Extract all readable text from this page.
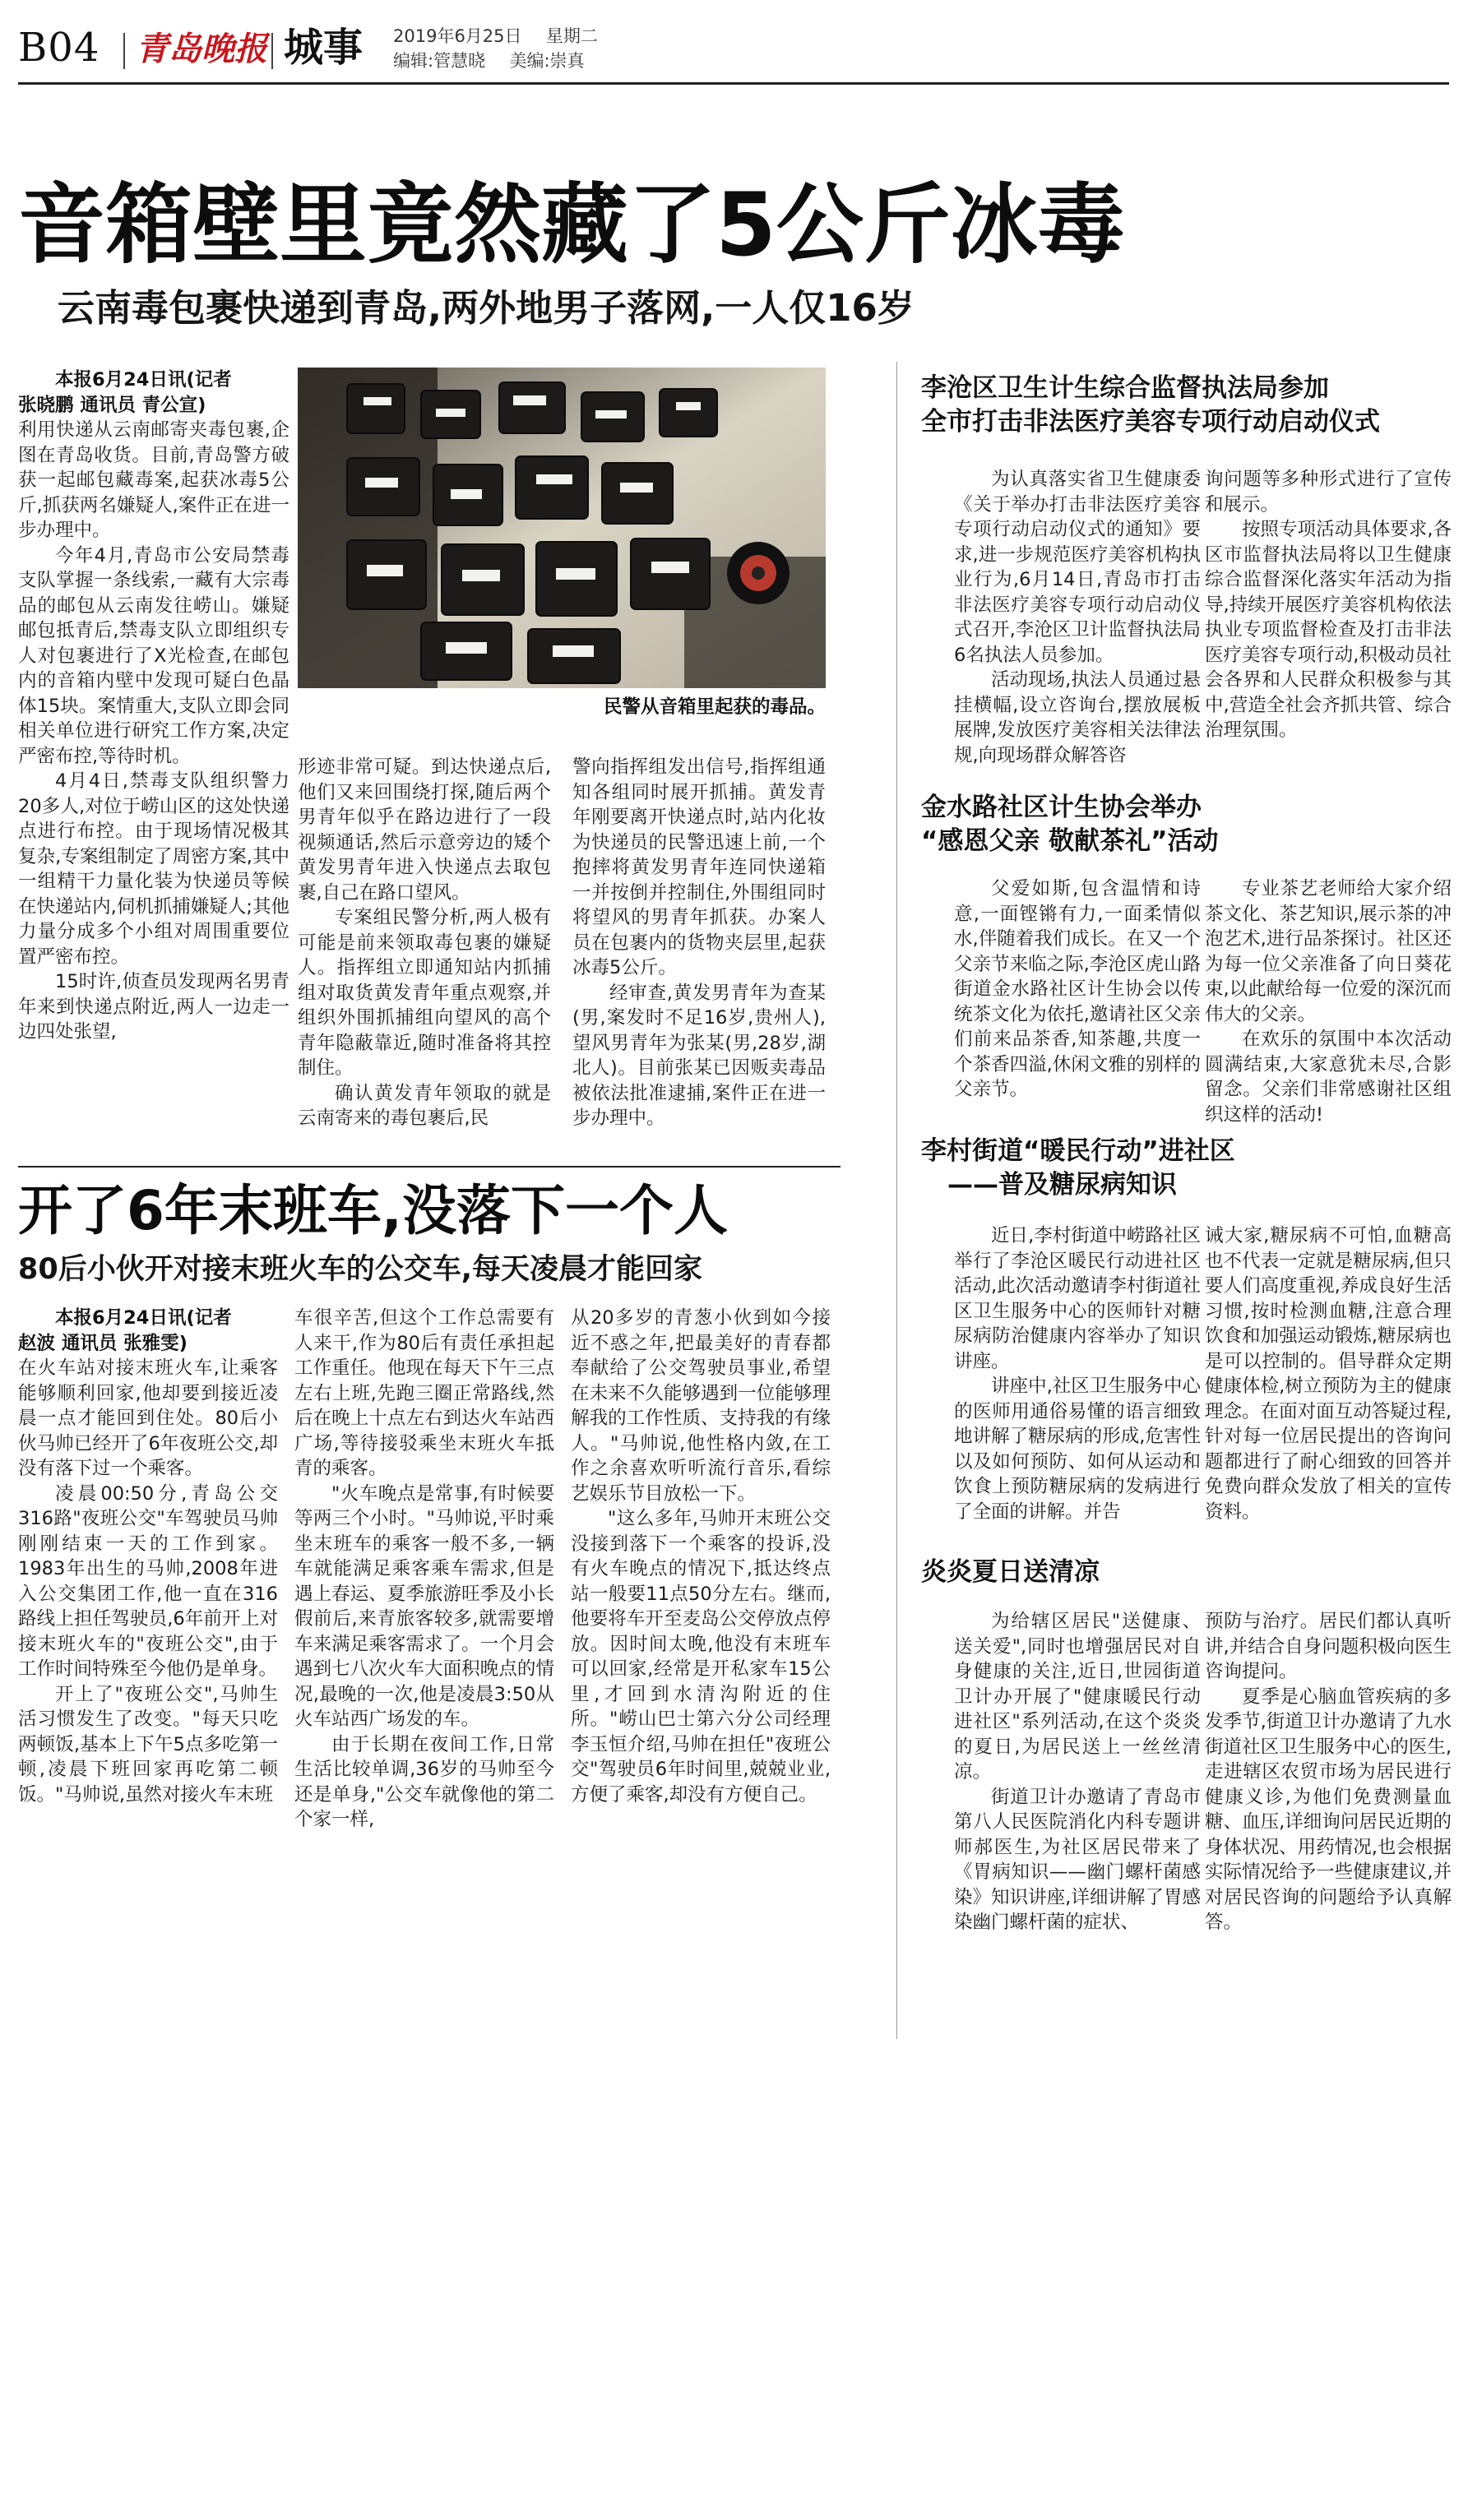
B04 青岛晚报 城事 2019年6月25日 星期二
编辑:管慧晓 美编:崇真
音箱壁里竟然藏了5公斤冰毒
云南毒包裹快递到青岛,两外地男子落网,一人仅16岁
本报6月24日讯(记者
张晓鹏 通讯员 青公宣)

利用快递从云南邮寄夹毒包裹,企图在青岛收货。目前,青岛警方破获一起邮包藏毒案,起获冰毒5公斤,抓获两名嫌疑人,案件正在进一步办理中。

今年4月,青岛市公安局禁毒支队掌握一条线索,一藏有大宗毒品的邮包从云南发往崂山。嫌疑邮包抵青后,禁毒支队立即组织专人对包裹进行了X光检查,在邮包内的音箱内壁中发现可疑白色晶体15块。案情重大,支队立即会同相关单位进行研究工作方案,决定严密布控,等待时机。

4月4日,禁毒支队组织警力20多人,对位于崂山区的这处快递点进行布控。由于现场情况极其复杂,专案组制定了周密方案,其中一组精干力量化装为快递员等候在快递站内,伺机抓捕嫌疑人;其他力量分成多个小组对周围重要位置严密布控。

15时许,侦查员发现两名男青年来到快递点附近,两人一边走一边四处张望,

民警从音箱里起获的毒品。

形迹非常可疑。到达快递点后,他们又来回围绕打探,随后两个男青年似乎在路边进行了一段视频通话,然后示意旁边的矮个黄发男青年进入快递点去取包裹,自己在路口望风。

专案组民警分析,两人极有可能是前来领取毒包裹的嫌疑人。指挥组立即通知站内抓捕组对取货黄发青年重点观察,并组织外围抓捕组向望风的高个青年隐蔽靠近,随时准备将其控制住。

确认黄发青年领取的就是云南寄来的毒包裹后,民

警向指挥组发出信号,指挥组通知各组同时展开抓捕。黄发青年刚要离开快递点时,站内化妆为快递员的民警迅速上前,一个抱摔将黄发男青年连同快递箱一并按倒并控制住,外围组同时将望风的男青年抓获。办案人员在包裹内的货物夹层里,起获冰毒5公斤。

经审查,黄发男青年为查某(男,案发时不足16岁,贵州人),望风男青年为张某(男,28岁,湖北人)。目前张某已因贩卖毒品被依法批准逮捕,案件正在进一步办理中。

开了6年末班车,没落下一个人
80后小伙开对接末班火车的公交车,每天凌晨才能回家
本报6月24日讯(记者
赵波 通讯员 张雅雯)

在火车站对接末班火车,让乘客能够顺利回家,他却要到接近凌晨一点才能回到住处。80后小伙马帅已经开了6年夜班公交,却没有落下过一个乘客。

凌晨00:50分,青岛公交316路"夜班公交"车驾驶员马帅刚刚结束一天的工作到家。1983年出生的马帅,2008年进入公交集团工作,他一直在316路线上担任驾驶员,6年前开上对接末班火车的"夜班公交",由于工作时间特殊至今他仍是单身。

开上了"夜班公交",马帅生活习惯发生了改变。"每天只吃两顿饭,基本上下午5点多吃第一顿,凌晨下班回家再吃第二顿饭。"马帅说,虽然对接火车末班

车很辛苦,但这个工作总需要有人来干,作为80后有责任承担起工作重任。他现在每天下午三点左右上班,先跑三圈正常路线,然后在晚上十点左右到达火车站西广场,等待接驳乘坐末班火车抵青的乘客。

"火车晚点是常事,有时候要等两三个小时。"马帅说,平时乘坐末班车的乘客一般不多,一辆车就能满足乘客乘车需求,但是遇上春运、夏季旅游旺季及小长假前后,来青旅客较多,就需要增车来满足乘客需求了。一个月会遇到七八次火车大面积晚点的情况,最晚的一次,他是凌晨3:50从火车站西广场发的车。

由于长期在夜间工作,日常生活比较单调,36岁的马帅至今还是单身,"公交车就像他的第二个家一样,

从20多岁的青葱小伙到如今接近不惑之年,把最美好的青春都奉献给了公交驾驶员事业,希望在未来不久能够遇到一位能够理解我的工作性质、支持我的有缘人。"马帅说,他性格内敛,在工作之余喜欢听听流行音乐,看综艺娱乐节目放松一下。

"这么多年,马帅开末班公交没接到落下一个乘客的投诉,没有火车晚点的情况下,抵达终点站一般要11点50分左右。继而,他要将车开至麦岛公交停放点停放。因时间太晚,他没有末班车可以回家,经常是开私家车15公里,才回到水清沟附近的住所。"崂山巴士第六分公司经理李玉恒介绍,马帅在担任"夜班公交"驾驶员6年时间里,兢兢业业,方便了乘客,却没有方便自己。

李沧区卫生计生综合监督执法局参加
全市打击非法医疗美容专项行动启动仪式

为认真落实省卫生健康委《关于举办打击非法医疗美容专项行动启动仪式的通知》要求,进一步规范医疗美容机构执业行为,6月14日,青岛市打击非法医疗美容专项行动启动仪式召开,李沧区卫计监督执法局6名执法人员参加。

活动现场,执法人员通过悬挂横幅,设立咨询台,摆放展板展牌,发放医疗美容相关法律法规,向现场群众解答咨

询问题等多种形式进行了宣传和展示。

按照专项活动具体要求,各区市监督执法局将以卫生健康综合监督深化落实年活动为指导,持续开展医疗美容机构依法执业专项监督检查及打击非法医疗美容专项行动,积极动员社会各界和人民群众积极参与其中,营造全社会齐抓共管、综合治理氛围。

金水路社区计生协会举办
“感恩父亲 敬献茶礼”活动

父爱如斯,包含温情和诗意,一面铿锵有力,一面柔情似水,伴随着我们成长。在又一个父亲节来临之际,李沧区虎山路街道金水路社区计生协会以传统茶文化为依托,邀请社区父亲们前来品茶香,知茶趣,共度一个茶香四溢,休闲文雅的别样的父亲节。

专业茶艺老师给大家介绍茶文化、茶艺知识,展示茶的冲泡艺术,进行品茶探讨。社区还为每一位父亲准备了向日葵花束,以此献给每一位爱的深沉而伟大的父亲。

在欢乐的氛围中本次活动圆满结束,大家意犹未尽,合影留念。父亲们非常感谢社区组织这样的活动!

李村街道“暖民行动”进社区
——普及糖尿病知识

近日,李村街道中崂路社区举行了李沧区暖民行动进社区活动,此次活动邀请李村街道社区卫生服务中心的医师针对糖尿病防治健康内容举办了知识讲座。

讲座中,社区卫生服务中心的医师用通俗易懂的语言细致地讲解了糖尿病的形成,危害性以及如何预防、如何从运动和饮食上预防糖尿病的发病进行了全面的讲解。并告

诫大家,糖尿病不可怕,血糖高也不代表一定就是糖尿病,但只要人们高度重视,养成良好生活习惯,按时检测血糖,注意合理饮食和加强运动锻炼,糖尿病也是可以控制的。倡导群众定期健康体检,树立预防为主的健康理念。在面对面互动答疑过程,针对每一位居民提出的咨询问题都进行了耐心细致的回答并免费向群众发放了相关的宣传资料。

炎炎夏日送清凉

为给辖区居民"送健康、送关爱",同时也增强居民对自身健康的关注,近日,世园街道卫计办开展了"健康暖民行动进社区"系列活动,在这个炎炎的夏日,为居民送上一丝丝清凉。

街道卫计办邀请了青岛市第八人民医院消化内科专题讲师郝医生,为社区居民带来了《胃病知识——幽门螺杆菌感染》知识讲座,详细讲解了胃感染幽门螺杆菌的症状、

预防与治疗。居民们都认真听讲,并结合自身问题积极向医生咨询提问。

夏季是心脑血管疾病的多发季节,街道卫计办邀请了九水街道社区卫生服务中心的医生,走进辖区农贸市场为居民进行健康义诊,为他们免费测量血糖、血压,详细询问居民近期的身体状况、用药情况,也会根据实际情况给予一些健康建议,并对居民咨询的问题给予认真解答。
